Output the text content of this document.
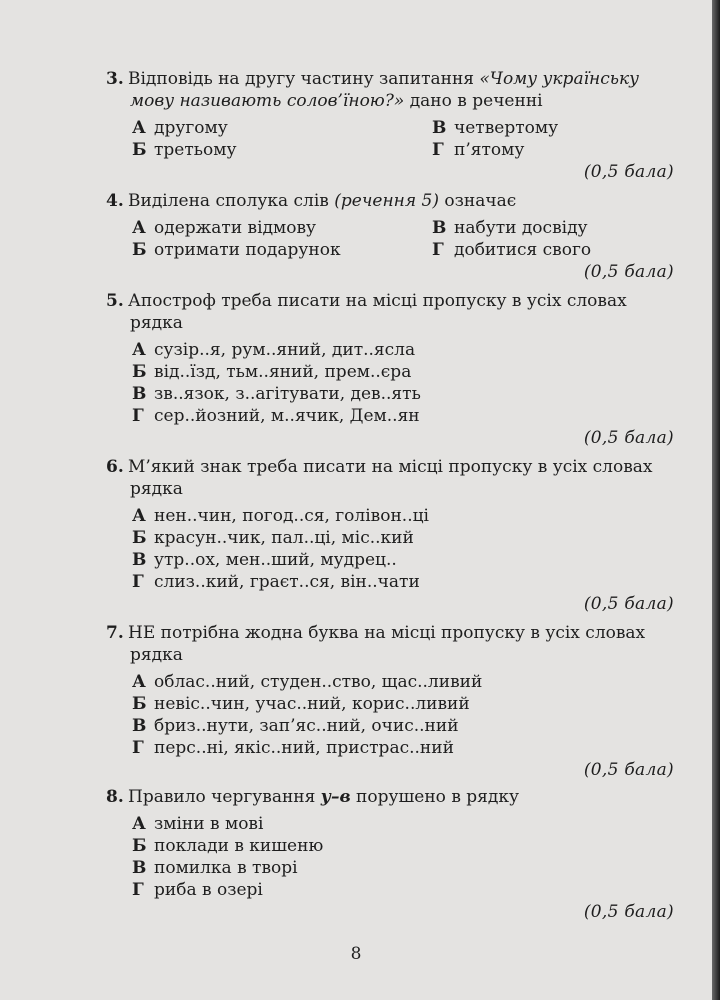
3. Відповідь на другу частину запитання «Чому українську
мову називають солов’їною?» дано в реченні

А другому	В четвертому
Б третьому	Г п’ятому
(0,5 бала)

4. Виділена сполука слів (речення 5) означає

А одержати відмову	В набути досвіду
Б отримати подарунок	Г добитися свого
(0,5 бала)

5. Апостроф треба писати на місці пропуску в усіх словах
рядка

А сузір..я, рум..яний, дит..ясла
Б від..їзд, тьм..яний, прем..єра
В зв..язок, з..агітувати, дев..ять
Г сер..йозний, м..ячик, Дем..ян
(0,5 бала)

6. М’який знак треба писати на місці пропуску в усіх словах
рядка

А нен..чин, погод..ся, голівон..ці
Б красун..чик, пал..ці, міс..кий
В утр..ох, мен..ший, мудрец..
Г слиз..кий, граєт..ся, він..чати
(0,5 бала)

7. НЕ потрібна жодна буква на місці пропуску в усіх словах
рядка

А облас..ний, студен..ство, щас..ливий
Б невіс..чин, учас..ний, корис..ливий
В бриз..нути, зап’яс..ний, очис..ний
Г перс..ні, якіс..ний, пристрас..ний
(0,5 бала)

8. Правило чергування у–в порушено в рядку

А зміни в мові
Б поклади в кишеню
В помилка в творі
Г риба в озері
(0,5 бала)
8
